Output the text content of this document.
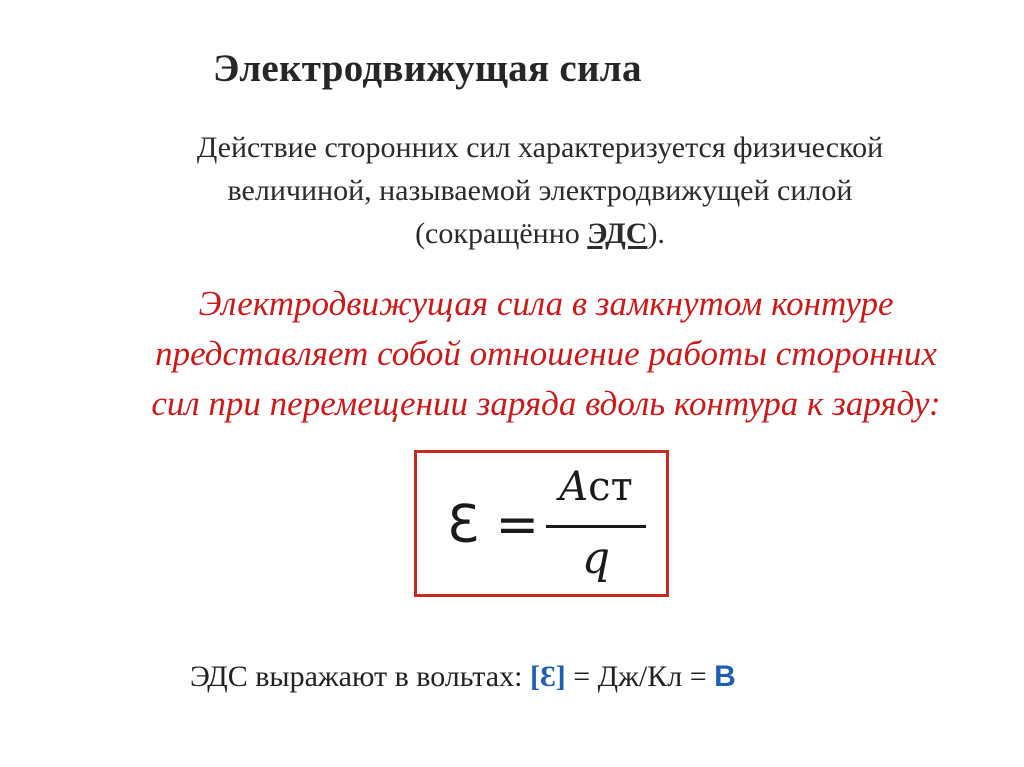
Электродвижущая сила
Действие сторонних сил характеризуется физической
величиной, называемой электродвижущей силой
(сокращённо ЭДС).
Электродвижущая сила в замкнутом контуре
представляет собой отношение работы сторонних
сил при перемещении заряда вдоль контура к заряду:
Ɛ =
Aст
q
ЭДС выражают в вольтах: [Ɛ] = Дж/Кл = В
